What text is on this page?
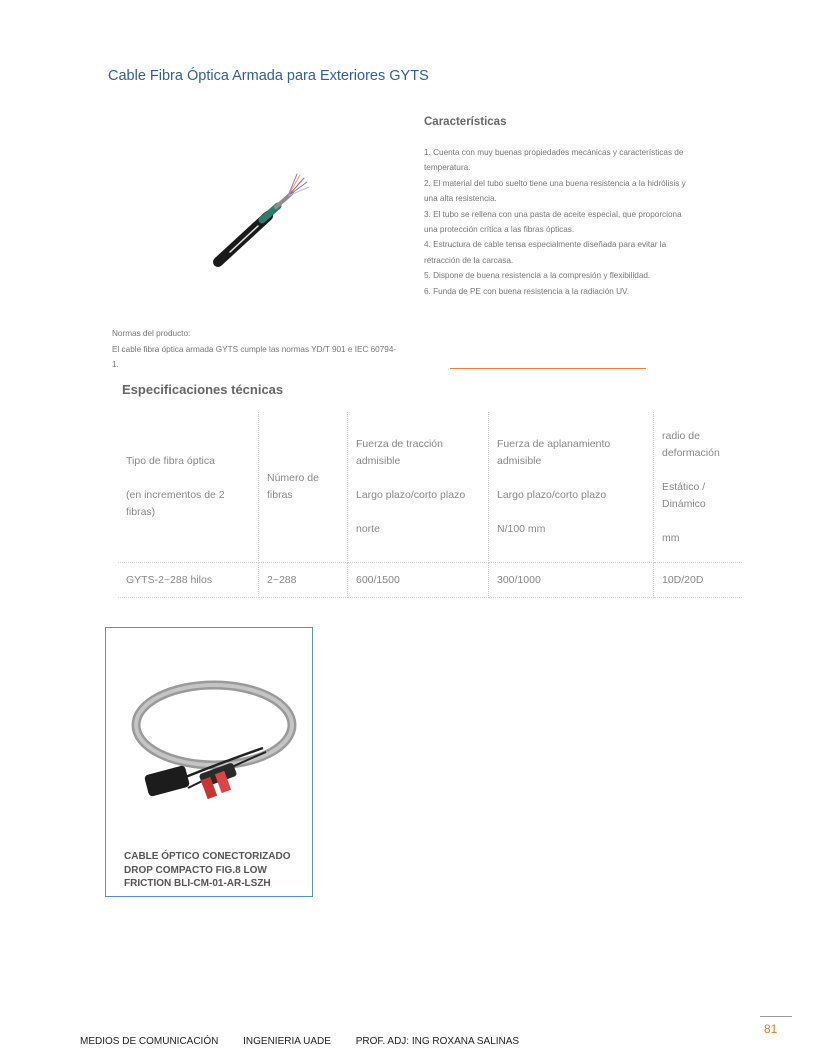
Cable Fibra Óptica Armada para Exteriores GYTS
Características
1. Cuenta con muy buenas propiedades mecánicas y características de temperatura.
2. El material del tubo suelto tiene una buena resistencia a la hidrólisis y una alta resistencia.
3. El tubo se rellena con una pasta de aceite especial, que proporciona una protección crítica a las fibras ópticas.
4. Estructura de cable tensa especialmente diseñada para evitar la retracción de la carcasa.
5. Dispone de buena resistencia a la compresión y flexibilidad.
6. Funda de PE con buena resistencia a la radiación UV.
Normas del producto:
El cable fibra óptica armada GYTS cumple las normas YD/T 901 e IEC 60794-1.
Especificaciones técnicas
Tipo de fibra óptica
(en incrementos de 2 fibras)	Número de fibras	Fuerza de tracción admisible
Largo plazo/corto plazo
norte	Fuerza de aplanamiento admisible
Largo plazo/corto plazo
N/100 mm	radio de deformación
Estático / Dinámico
mm

GYTS-2~288 hilos	2~288	600/1500	300/1000	10D/20D
CABLE ÓPTICO CONECTORIZADO DROP COMPACTO FIG.8 LOW FRICTION BLI-CM-01-AR-LSZH
81
MEDIOS DE COMUNICACIÓN INGENIERIA UADE PROF. ADJ: ING ROXANA SALINAS
